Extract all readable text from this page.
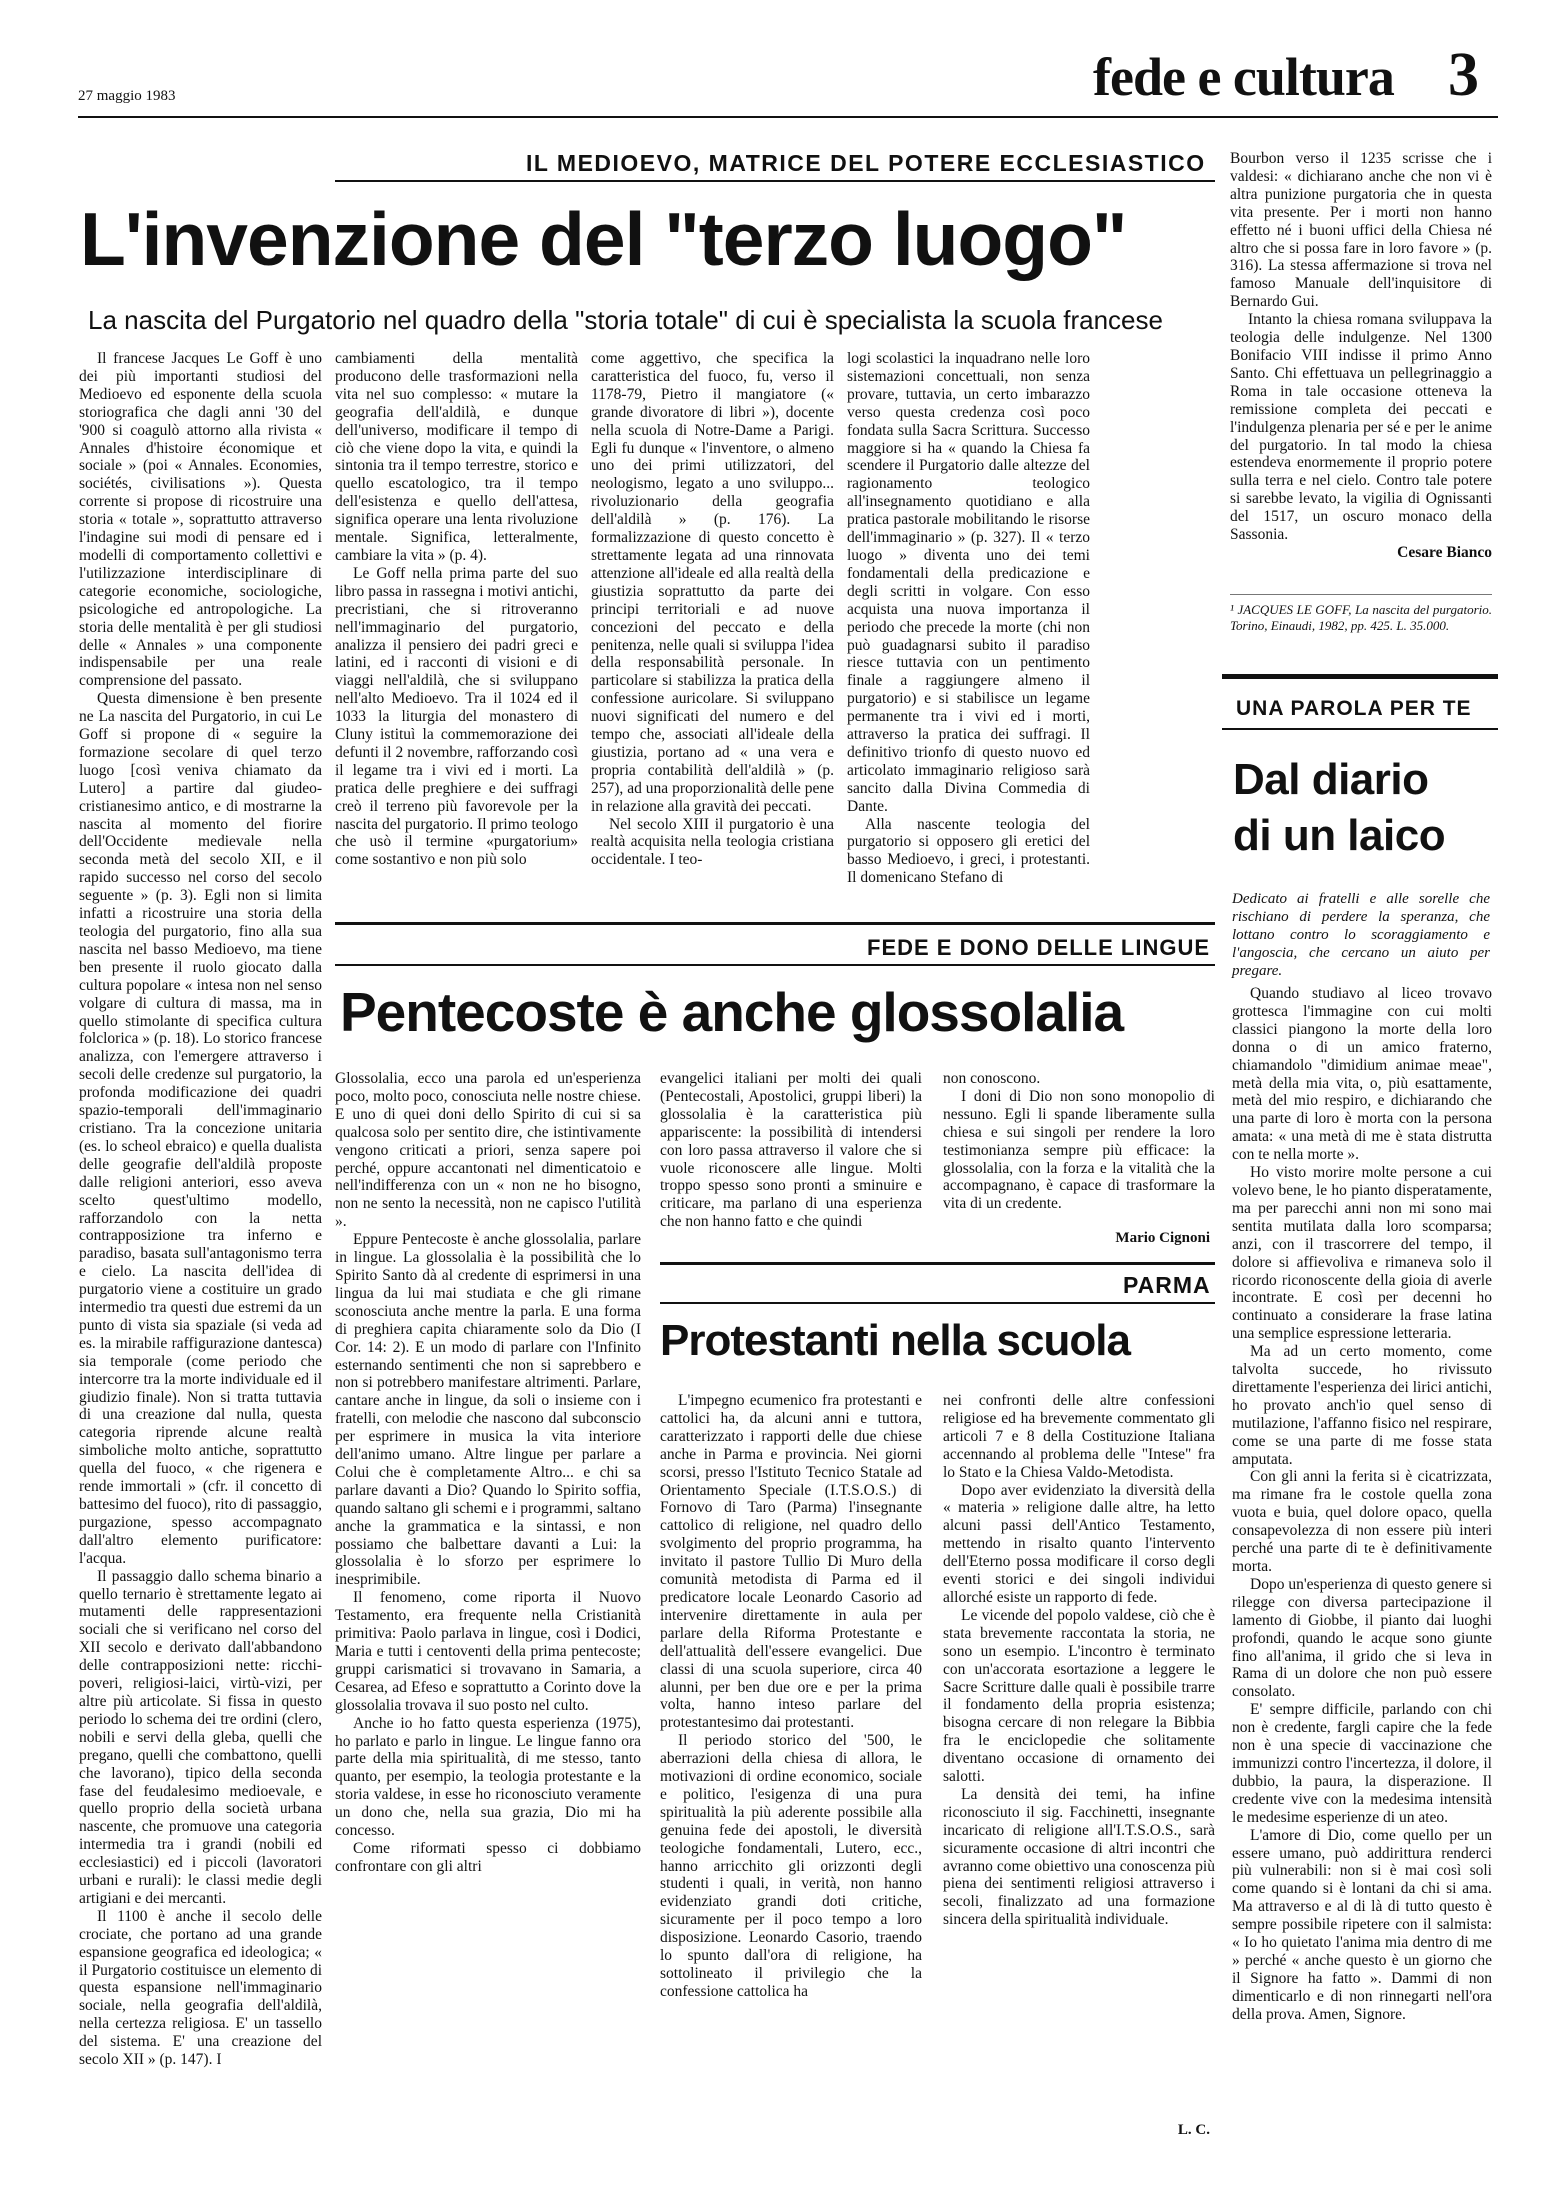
27 maggio 1983	fede e cultura 3
IL MEDIOEVO, MATRICE DEL POTERE ECCLESIASTICO
L'invenzione del "terzo luogo"
La nascita del Purgatorio nel quadro della "storia totale" di cui è specialista la scuola francese

Il francese Jacques Le Goff è uno dei più importanti studiosi del Medioevo ed esponente della scuola storiografica che dagli anni '30 del '900 si coagulò attorno alla rivista « Annales d'histoire économique et sociale » (poi « Annales. Economies, sociétés, civilisations »). Questa corrente si propose di ricostruire una storia « totale », soprattutto attraverso l'indagine sui modi di pensare ed i modelli di comportamento collettivi e l'utilizzazione interdisciplinare di categorie economiche, sociologiche, psicologiche ed antropologiche. La storia delle mentalità è per gli studiosi delle « Annales » una componente indispensabile per una reale comprensione del passato.

Questa dimensione è ben presente ne La nascita del Purgatorio, in cui Le Goff si propone di « seguire la formazione secolare di quel terzo luogo [così veniva chiamato da Lutero] a partire dal giudeo-cristianesimo antico, e di mostrarne la nascita al momento del fiorire dell'Occidente medievale nella seconda metà del secolo XII, e il rapido successo nel corso del secolo seguente » (p. 3). Egli non si limita infatti a ricostruire una storia della teologia del purgatorio, fino alla sua nascita nel basso Medioevo, ma tiene ben presente il ruolo giocato dalla cultura popolare « intesa non nel senso volgare di cultura di massa, ma in quello stimolante di specifica cultura folclorica » (p. 18). Lo storico francese analizza, con l'emergere attraverso i secoli delle credenze sul purgatorio, la profonda modificazione dei quadri spazio-temporali dell'immaginario cristiano. Tra la concezione unitaria (es. lo scheol ebraico) e quella dualista delle geografie dell'aldilà proposte dalle religioni anteriori, esso aveva scelto quest'ultimo modello, rafforzandolo con la netta contrapposizione tra inferno e paradiso, basata sull'antagonismo terra e cielo. La nascita dell'idea di purgatorio viene a costituire un grado intermedio tra questi due estremi da un punto di vista sia spaziale (si veda ad es. la mirabile raffigurazione dantesca) sia temporale (come periodo che intercorre tra la morte individuale ed il giudizio finale). Non si tratta tuttavia di una creazione dal nulla, questa categoria riprende alcune realtà simboliche molto antiche, soprattutto quella del fuoco, « che rigenera e rende immortali » (cfr. il concetto di battesimo del fuoco), rito di passaggio, purgazione, spesso accompagnato dall'altro elemento purificatore: l'acqua.

Il passaggio dallo schema binario a quello ternario è strettamente legato ai mutamenti delle rappresentazioni sociali che si verificano nel corso del XII secolo e derivato dall'abbandono delle contrapposizioni nette: ricchi-poveri, religiosi-laici, virtù-vizi, per altre più articolate. Si fissa in questo periodo lo schema dei tre ordini (clero, nobili e servi della gleba, quelli che pregano, quelli che combattono, quelli che lavorano), tipico della seconda fase del feudalesimo medioevale, e quello proprio della società urbana nascente, che promuove una categoria intermedia tra i grandi (nobili ed ecclesiastici) ed i piccoli (lavoratori urbani e rurali): le classi medie degli artigiani e dei mercanti.

Il 1100 è anche il secolo delle crociate, che portano ad una grande espansione geografica ed ideologica; « il Purgatorio costituisce un elemento di questa espansione nell'immaginario sociale, nella geografia dell'aldilà, nella certezza religiosa. E' un tassello del sistema. E' una creazione del secolo XII » (p. 147). I

cambiamenti della mentalità producono delle trasformazioni nella vita nel suo complesso: « mutare la geografia dell'aldilà, e dunque dell'universo, modificare il tempo di ciò che viene dopo la vita, e quindi la sintonia tra il tempo terrestre, storico e quello escatologico, tra il tempo dell'esistenza e quello dell'attesa, significa operare una lenta rivoluzione mentale. Significa, letteralmente, cambiare la vita » (p. 4).

Le Goff nella prima parte del suo libro passa in rassegna i motivi antichi, precristiani, che si ritroveranno nell'immaginario del purgatorio, analizza il pensiero dei padri greci e latini, ed i racconti di visioni e di viaggi nell'aldilà, che si sviluppano nell'alto Medioevo. Tra il 1024 ed il 1033 la liturgia del monastero di Cluny istituì la commemorazione dei defunti il 2 novembre, rafforzando così il legame tra i vivi ed i morti. La pratica delle preghiere e dei suffragi creò il terreno più favorevole per la nascita del purgatorio. Il primo teologo che usò il termine «purgatorium» come sostantivo e non più solo

come aggettivo, che specifica la caratteristica del fuoco, fu, verso il 1178-79, Pietro il mangiatore (« grande divoratore di libri »), docente nella scuola di Notre-Dame a Parigi. Egli fu dunque « l'inventore, o almeno uno dei primi utilizzatori, del neologismo, legato a uno sviluppo... rivoluzionario della geografia dell'aldilà » (p. 176). La formalizzazione di questo concetto è strettamente legata ad una rinnovata attenzione all'ideale ed alla realtà della giustizia soprattutto da parte dei principi territoriali e ad nuove concezioni del peccato e della penitenza, nelle quali si sviluppa l'idea della responsabilità personale. In particolare si stabilizza la pratica della confessione auricolare. Si sviluppano nuovi significati del numero e del tempo che, associati all'ideale della giustizia, portano ad « una vera e propria contabilità dell'aldilà » (p. 257), ad una proporzionalità delle pene in relazione alla gravità dei peccati.

Nel secolo XIII il purgatorio è una realtà acquisita nella teologia cristiana occidentale. I teo-

logi scolastici la inquadrano nelle loro sistemazioni concettuali, non senza provare, tuttavia, un certo imbarazzo verso questa credenza così poco fondata sulla Sacra Scrittura. Successo maggiore si ha « quando la Chiesa fa scendere il Purgatorio dalle altezze del ragionamento teologico all'insegnamento quotidiano e alla pratica pastorale mobilitando le risorse dell'immaginario » (p. 327). Il « terzo luogo » diventa uno dei temi fondamentali della predicazione e degli scritti in volgare. Con esso acquista una nuova importanza il periodo che precede la morte (chi non può guadagnarsi subito il paradiso riesce tuttavia con un pentimento finale a raggiungere almeno il purgatorio) e si stabilisce un legame permanente tra i vivi ed i morti, attraverso la pratica dei suffragi. Il definitivo trionfo di questo nuovo ed articolato immaginario religioso sarà sancito dalla Divina Commedia di Dante.

Alla nascente teologia del purgatorio si opposero gli eretici del basso Medioevo, i greci, i protestanti. Il domenicano Stefano di

Bourbon verso il 1235 scrisse che i valdesi: « dichiarano anche che non vi è altra punizione purgatoria che in questa vita presente. Per i morti non hanno effetto né i buoni uffici della Chiesa né altro che si possa fare in loro favore » (p. 316). La stessa affermazione si trova nel famoso Manuale dell'inquisitore di Bernardo Gui.

Intanto la chiesa romana sviluppava la teologia delle indulgenze. Nel 1300 Bonifacio VIII indisse il primo Anno Santo. Chi effettuava un pellegrinaggio a Roma in tale occasione otteneva la remissione completa dei peccati e l'indulgenza plenaria per sé e per le anime del purgatorio. In tal modo la chiesa estendeva enormemente il proprio potere sulla terra e nel cielo. Contro tale potere si sarebbe levato, la vigilia di Ognissanti del 1517, un oscuro monaco della Sassonia.

Cesare Bianco

¹ JACQUES LE GOFF, La nascita del purgatorio. Torino, Einaudi, 1982, pp. 425. L. 35.000.
UNA PAROLA PER TE
Dal diario di un laico
Dedicato ai fratelli e alle sorelle che rischiano di perdere la speranza, che lottano contro lo scoraggiamento e l'angoscia, che cercano un aiuto per pregare.

Quando studiavo al liceo trovavo grottesca l'immagine con cui molti classici piangono la morte della loro donna o di un amico fraterno, chiamandolo "dimidium animae meae", metà della mia vita, o, più esattamente, metà del mio respiro, e dichiarando che una parte di loro è morta con la persona amata: « una metà di me è stata distrutta con te nella morte ».

Ho visto morire molte persone a cui volevo bene, le ho pianto disperatamente, ma per parecchi anni non mi sono mai sentita mutilata dalla loro scomparsa; anzi, con il trascorrere del tempo, il dolore si affievoliva e rimaneva solo il ricordo riconoscente della gioia di averle incontrate. E così per decenni ho continuato a considerare la frase latina una semplice espressione letteraria.

Ma ad un certo momento, come talvolta succede, ho rivissuto direttamente l'esperienza dei lirici antichi, ho provato anch'io quel senso di mutilazione, l'affanno fisico nel respirare, come se una parte di me fosse stata amputata.

Con gli anni la ferita si è cicatrizzata, ma rimane fra le costole quella zona vuota e buia, quel dolore opaco, quella consapevolezza di non essere più interi perché una parte di te è definitivamente morta.

Dopo un'esperienza di questo genere si rilegge con diversa partecipazione il lamento di Giobbe, il pianto dai luoghi profondi, quando le acque sono giunte fino all'anima, il grido che si leva in Rama di un dolore che non può essere consolato.

E' sempre difficile, parlando con chi non è credente, fargli capire che la fede non è una specie di vaccinazione che immunizzi contro l'incertezza, il dolore, il dubbio, la paura, la disperazione. Il credente vive con la medesima intensità le medesime esperienze di un ateo.

L'amore di Dio, come quello per un essere umano, può addirittura renderci più vulnerabili: non si è mai così soli come quando si è lontani da chi si ama. Ma attraverso e al di là di tutto questo è sempre possibile ripetere con il salmista: « Io ho quietato l'anima mia dentro di me » perché « anche questo è un giorno che il Signore ha fatto ». Dammi di non dimenticarlo e di non rinnegarti nell'ora della prova. Amen, Signore.

FEDE E DONO DELLE LINGUE
Pentecoste è anche glossolalia

Glossolalia, ecco una parola ed un'esperienza poco, molto poco, conosciuta nelle nostre chiese. E uno di quei doni dello Spirito di cui si sa qualcosa solo per sentito dire, che istintivamente vengono criticati a priori, senza sapere poi perché, oppure accantonati nel dimenticatoio e nell'indifferenza con un « non ne ho bisogno, non ne sento la necessità, non ne capisco l'utilità ».

Eppure Pentecoste è anche glossolalia, parlare in lingue. La glossolalia è la possibilità che lo Spirito Santo dà al credente di esprimersi in una lingua da lui mai studiata e che gli rimane sconosciuta anche mentre la parla. E una forma di preghiera capita chiaramente solo da Dio (I Cor. 14: 2). E un modo di parlare con l'Infinito esternando sentimenti che non si saprebbero e non si potrebbero manifestare altrimenti. Parlare, cantare anche in lingue, da soli o insieme con i fratelli, con melodie che nascono dal subconscio per esprimere in musica la vita interiore dell'animo umano. Altre lingue per parlare a Colui che è completamente Altro... e chi sa parlare davanti a Dio? Quando lo Spirito soffia, quando saltano gli schemi e i programmi, saltano anche la grammatica e la sintassi, e non possiamo che balbettare davanti a Lui: la glossolalia è lo sforzo per esprimere lo inesprimibile.

Il fenomeno, come riporta il Nuovo Testamento, era frequente nella Cristianità primitiva: Paolo parlava in lingue, così i Dodici, Maria e tutti i centoventi della prima pentecoste; gruppi carismatici si trovavano in Samaria, a Cesarea, ad Efeso e soprattutto a Corinto dove la glossolalia trovava il suo posto nel culto.

Anche io ho fatto questa esperienza (1975), ho parlato e parlo in lingue. Le lingue fanno ora parte della mia spiritualità, di me stesso, tanto quanto, per esempio, la teologia protestante e la storia valdese, in esse ho riconosciuto veramente un dono che, nella sua grazia, Dio mi ha concesso.

Come riformati spesso ci dobbiamo confrontare con gli altri

evangelici italiani per molti dei quali (Pentecostali, Apostolici, gruppi liberi) la glossolalia è la caratteristica più appariscente: la possibilità di intendersi con loro passa attraverso il valore che si vuole riconoscere alle lingue. Molti troppo spesso sono pronti a sminuire e criticare, ma parlano di una esperienza che non hanno fatto e che quindi

non conoscono.

I doni di Dio non sono monopolio di nessuno. Egli li spande liberamente sulla chiesa e sui singoli per rendere la loro testimonianza sempre più efficace: la glossolalia, con la forza e la vitalità che la accompagnano, è capace di trasformare la vita di un credente.

Mario Cignoni
PARMA
Protestanti nella scuola

L'impegno ecumenico fra protestanti e cattolici ha, da alcuni anni e tuttora, caratterizzato i rapporti delle due chiese anche in Parma e provincia. Nei giorni scorsi, presso l'Istituto Tecnico Statale ad Orientamento Speciale (I.T.S.O.S.) di Fornovo di Taro (Parma) l'insegnante cattolico di religione, nel quadro dello svolgimento del proprio programma, ha invitato il pastore Tullio Di Muro della comunità metodista di Parma ed il predicatore locale Leonardo Casorio ad intervenire direttamente in aula per parlare della Riforma Protestante e dell'attualità dell'essere evangelici. Due classi di una scuola superiore, circa 40 alunni, per ben due ore e per la prima volta, hanno inteso parlare del protestantesimo dai protestanti.

Il periodo storico del '500, le aberrazioni della chiesa di allora, le motivazioni di ordine economico, sociale e politico, l'esigenza di una pura spiritualità la più aderente possibile alla genuina fede dei apostoli, le diversità teologiche fondamentali, Lutero, ecc., hanno arricchito gli orizzonti degli studenti i quali, in verità, non hanno evidenziato grandi doti critiche, sicuramente per il poco tempo a loro disposizione. Leonardo Casorio, traendo lo spunto dall'ora di religione, ha sottolineato il privilegio che la confessione cattolica ha

nei confronti delle altre confessioni religiose ed ha brevemente commentato gli articoli 7 e 8 della Costituzione Italiana accennando al problema delle "Intese" fra lo Stato e la Chiesa Valdo-Metodista.

Dopo aver evidenziato la diversità della « materia » religione dalle altre, ha letto alcuni passi dell'Antico Testamento, mettendo in risalto quanto l'intervento dell'Eterno possa modificare il corso degli eventi storici e dei singoli individui allorché esiste un rapporto di fede.

Le vicende del popolo valdese, ciò che è stata brevemente raccontata la storia, ne sono un esempio. L'incontro è terminato con un'accorata esortazione a leggere le Sacre Scritture dalle quali è possibile trarre il fondamento della propria esistenza; bisogna cercare di non relegare la Bibbia fra le enciclopedie che solitamente diventano occasione di ornamento dei salotti.

La densità dei temi, ha infine riconosciuto il sig. Facchinetti, insegnante incaricato di religione all'I.T.S.O.S., sarà sicuramente occasione di altri incontri che avranno come obiettivo una conoscenza più piena dei sentimenti religiosi attraverso i secoli, finalizzato ad una formazione sincera della spiritualità individuale.

L. C.
